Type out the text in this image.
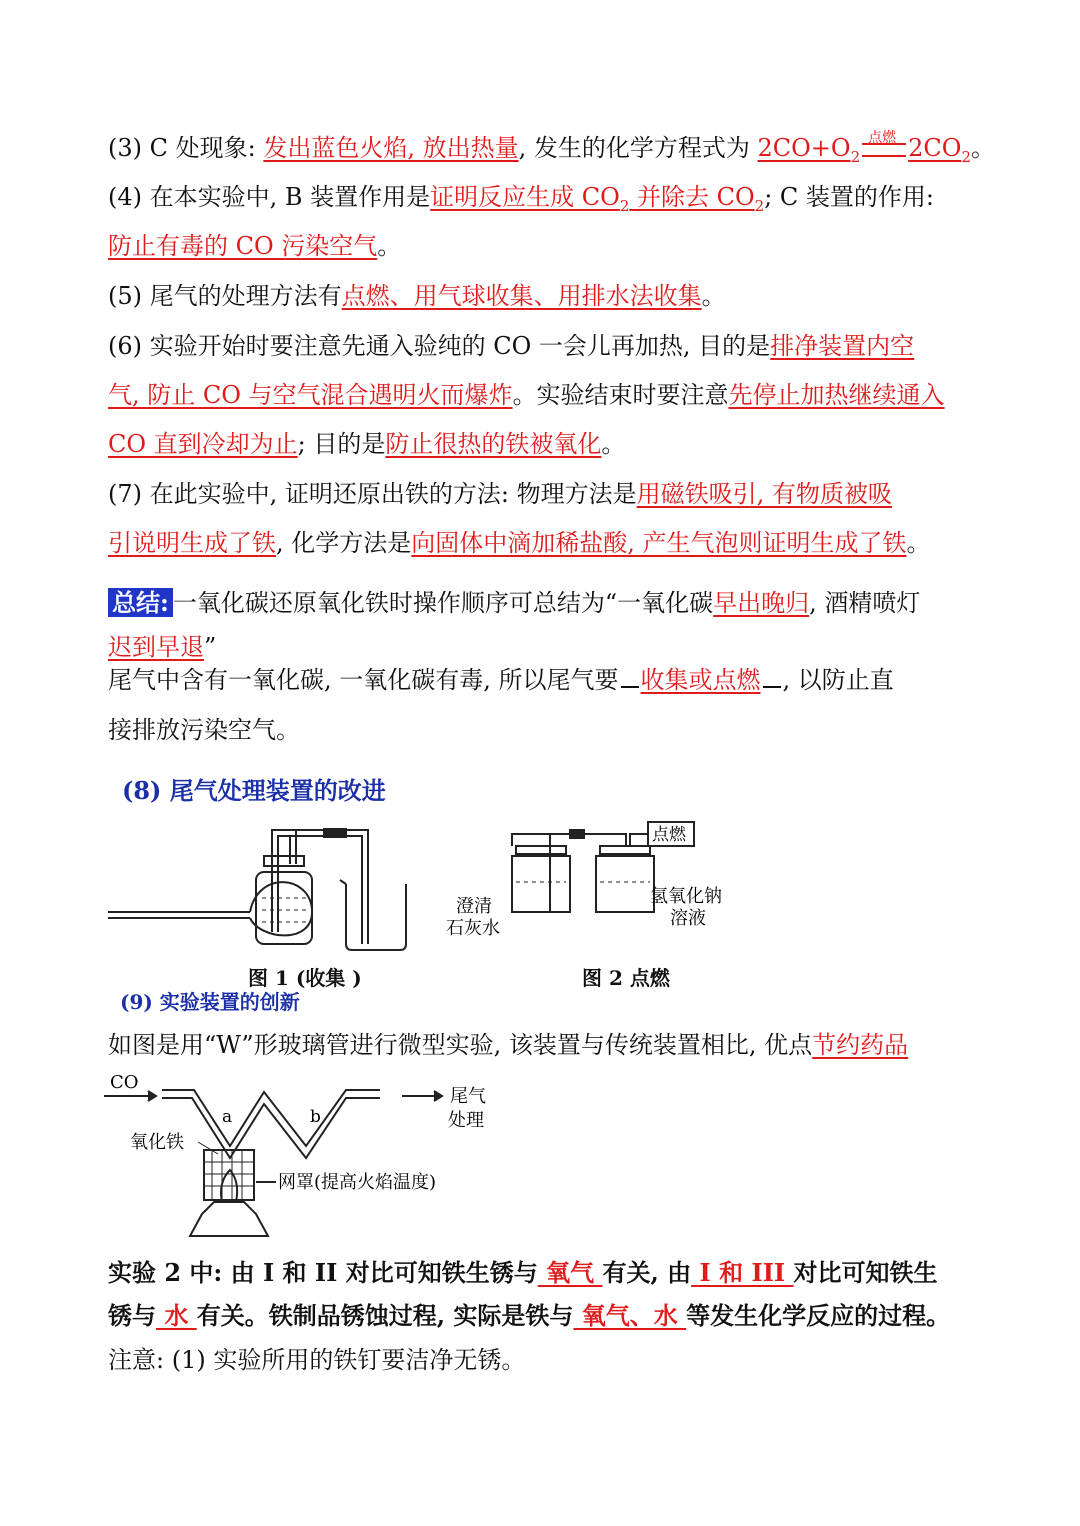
(3) C 处现象: 发出蓝色火焰, 放出热量, 发生的化学方程式为 $2CO+O_2$
点燃 $2CO_2$。
(4) 在本实验中, B 装置作用是证明反应生成 $CO_2$ 并除去 $CO_2$; C 装置的作用:
防止有毒的 CO 污染空气。
(5) 尾气的处理方法有点燃、用气球收集、用排水法收集。
(6) 实验开始时要注意先通入验纯的 CO 一会儿再加热, 目的是排净装置内空
气, 防止 CO 与空气混合遇明火而爆炸。实验结束时要注意先停止加热继续通入
CO 直到冷却为止; 目的是防止很热的铁被氧化。
(7) 在此实验中, 证明还原出铁的方法: 物理方法是用磁铁吸引, 有物质被吸
引说明生成了铁, 化学方法是向固体中滴加稀盐酸, 产生气泡则证明生成了铁。
总结: 一氧化碳还原氧化铁时操作顺序可总结为“一氧化碳早出晚归, 酒精喷灯
迟到早退”
尾气中含有一氧化碳, 一氧化碳有毒, 所以尾气要 收集或点燃 , 以防止直
接排放污染空气。
(8) 尾气处理装置的改进
澄清
石灰水
氢氧化钠
溶液
点燃
图 1 (收集 )	图 2 点燃
(9) 实验装置的创新
如图是用“W”形玻璃管进行微型实验, 该装置与传统装置相比, 优点节约药品
CO
a	b
尾气
处理
氧化铁
网罩(提高火焰温度)
实验 2 中: 由 I 和 II 对比可知铁生锈与 氧气 有关, 由 I 和 III 对比可知铁生
锈与 水 有关。铁制品锈蚀过程, 实际是铁与 氧气、水 等发生化学反应的过程。
注意: (1) 实验所用的铁钉要洁净无锈。
